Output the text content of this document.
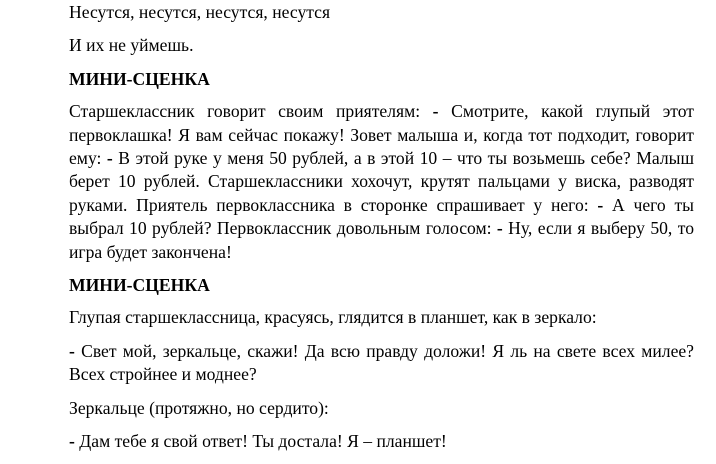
Несутся, несутся, несутся, несутся

И их не уймешь.

МИНИ-СЦЕНКА

Старшеклассник говорит своим приятелям: - Смотрите, какой глупый этот первоклашка! Я вам сейчас покажу! Зовет малыша и, когда тот подходит, говорит ему: - В этой руке у меня 50 рублей, а в этой 10 – что ты возьмешь себе? Малыш берет 10 рублей. Старшеклассники хохочут, крутят пальцами у виска, разводят руками. Приятель первоклассника в сторонке спрашивает у него: - А чего ты выбрал 10 рублей? Первоклассник довольным голосом: - Ну, если я выберу 50, то игра будет закончена!

МИНИ-СЦЕНКА

Глупая старшеклассница, красуясь, глядится в планшет, как в зеркало:

- Свет мой, зеркальце, скажи! Да всю правду доложи! Я ль на свете всех милее? Всех стройнее и моднее?

Зеркальце (протяжно, но сердито):

- Дам тебе я свой ответ! Ты достала! Я – планшет!
